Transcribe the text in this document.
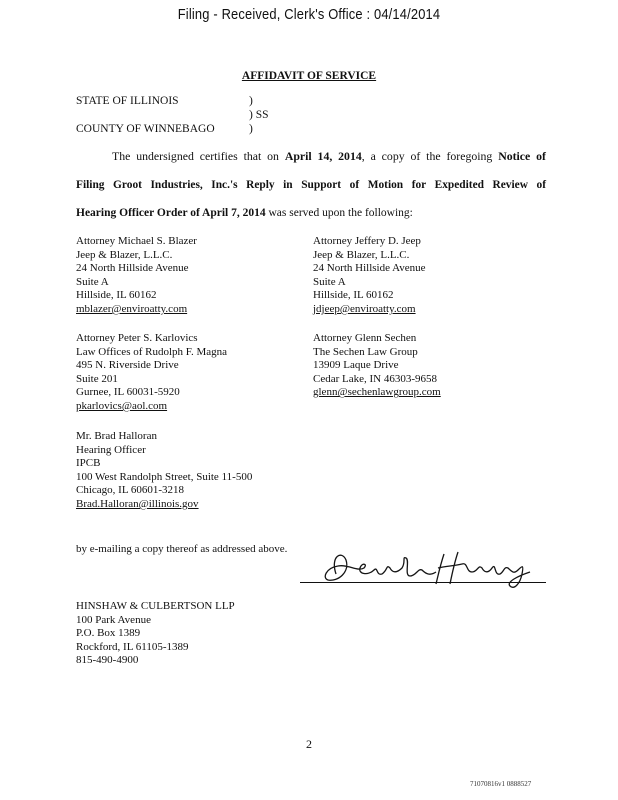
Filing - Received, Clerk's Office : 04/14/2014
AFFIDAVIT OF SERVICE
STATE OF ILLINOIS	)
) SS
COUNTY OF WINNEBAGO	)
The undersigned certifies that on April 14, 2014, a copy of the foregoing Notice of
Filing Groot Industries, Inc.'s Reply in Support of Motion for Expedited Review of
Hearing Officer Order of April 7, 2014 was served upon the following:
Attorney Michael S. Blazer
Jeep & Blazer, L.L.C.
24 North Hillside Avenue
Suite A
Hillside, IL 60162
mblazer@enviroatty.com
Attorney Jeffery D. Jeep
Jeep & Blazer, L.L.C.
24 North Hillside Avenue
Suite A
Hillside, IL 60162
jdjeep@enviroatty.com
Attorney Peter S. Karlovics
Law Offices of Rudolph F. Magna
495 N. Riverside Drive
Suite 201
Gurnee, IL 60031-5920
pkarlovics@aol.com
Attorney Glenn Sechen
The Sechen Law Group
13909 Laque Drive
Cedar Lake, IN 46303-9658
glenn@sechenlawgroup.com
Mr. Brad Halloran
Hearing Officer
IPCB
100 West Randolph Street, Suite 11-500
Chicago, IL 60601-3218
Brad.Halloran@illinois.gov
by e-mailing a copy thereof as addressed above.
HINSHAW & CULBERTSON LLP
100 Park Avenue
P.O. Box 1389
Rockford, IL 61105-1389
815-490-4900
2
71070816v1 0888527
